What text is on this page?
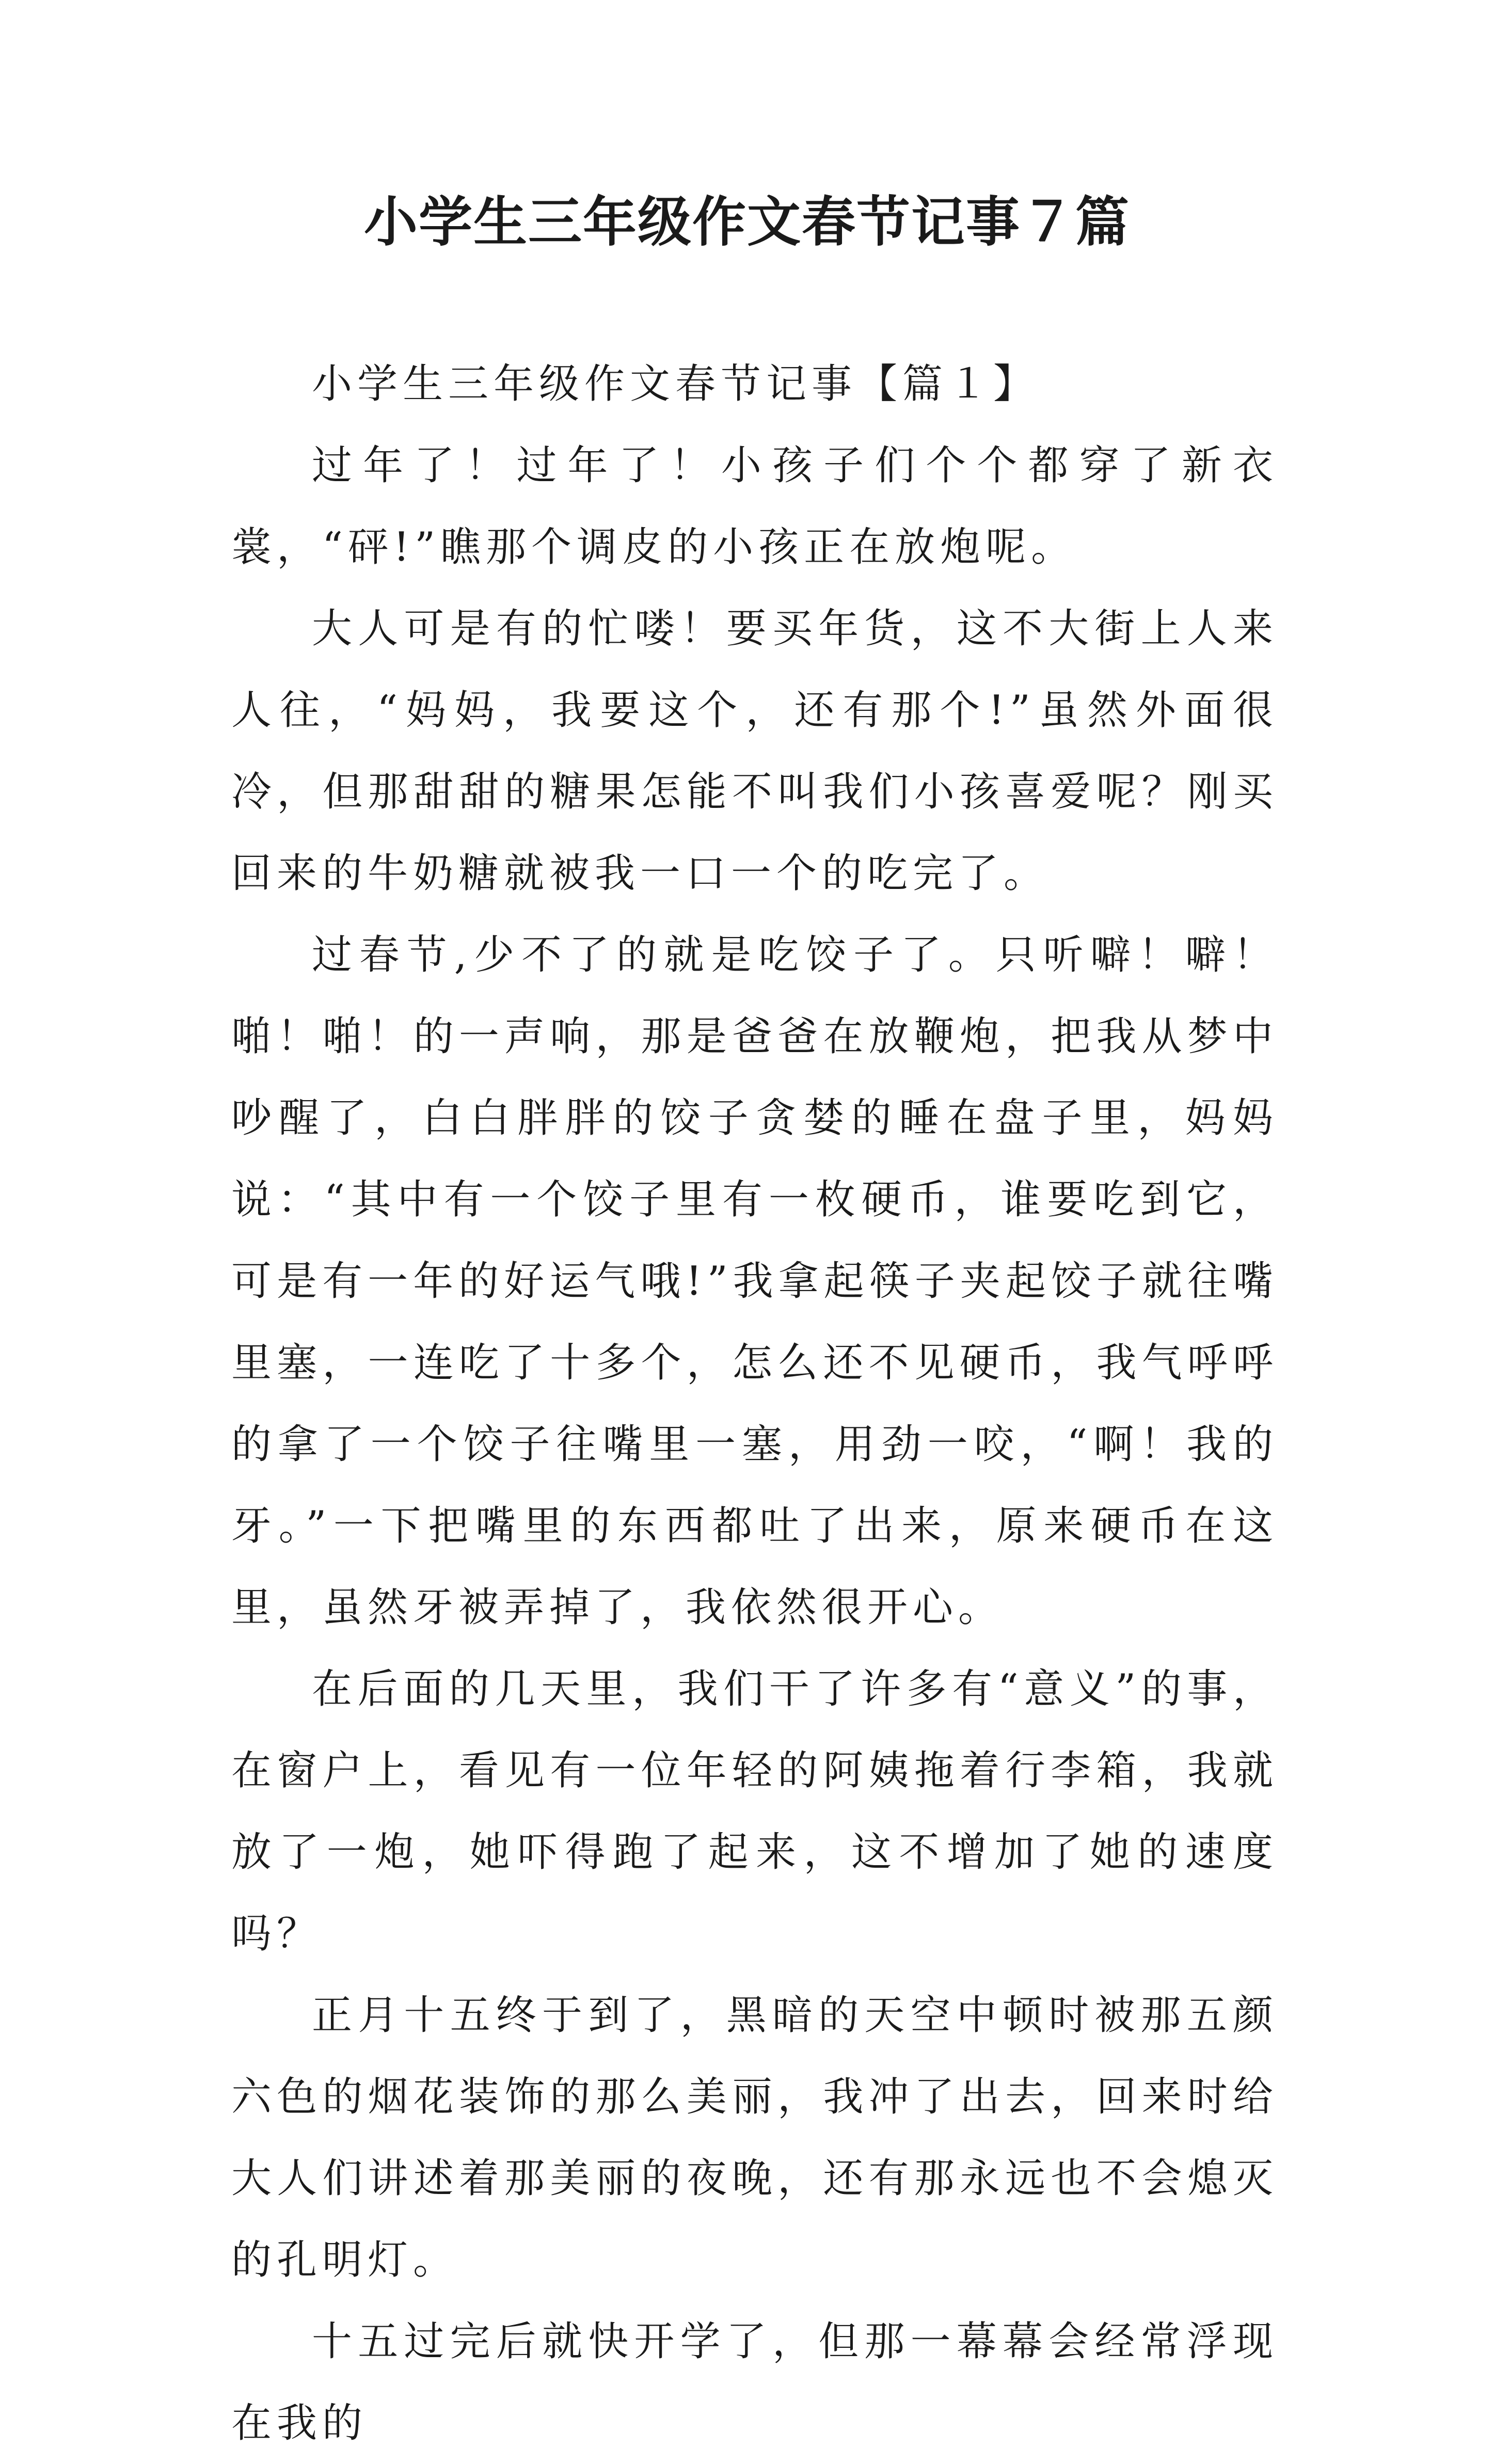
小学生三年级作文春节记事７篇

小学生三年级作文春节记事【篇１】

过年了！过年了！小孩子们个个都穿了新衣裳，“砰!”瞧那个调皮的小孩正在放炮呢。

大人可是有的忙喽！要买年货，这不大街上人来人往，“妈妈，我要这个，还有那个!”虽然外面很冷，但那甜甜的糖果怎能不叫我们小孩喜爱呢？刚买回来的牛奶糖就被我一口一个的吃完了。

过春节,少不了的就是吃饺子了。只听噼！噼！啪！啪！的一声响，那是爸爸在放鞭炮，把我从梦中吵醒了，白白胖胖的饺子贪婪的睡在盘子里，妈妈说：“其中有一个饺子里有一枚硬币，谁要吃到它，可是有一年的好运气哦!”我拿起筷子夹起饺子就往嘴里塞，一连吃了十多个，怎么还不见硬币，我气呼呼的拿了一个饺子往嘴里一塞，用劲一咬，“啊！我的牙。”一下把嘴里的东西都吐了出来，原来硬币在这里，虽然牙被弄掉了，我依然很开心。

在后面的几天里，我们干了许多有“意义”的事，在窗户上，看见有一位年轻的阿姨拖着行李箱，我就放了一炮，她吓得跑了起来，这不增加了她的速度吗？

正月十五终于到了，黑暗的天空中顿时被那五颜六色的烟花装饰的那么美丽，我冲了出去，回来时给大人们讲述着那美丽的夜晚，还有那永远也不会熄灭的孔明灯。

十五过完后就快开学了，但那一幕幕会经常浮现在我的
